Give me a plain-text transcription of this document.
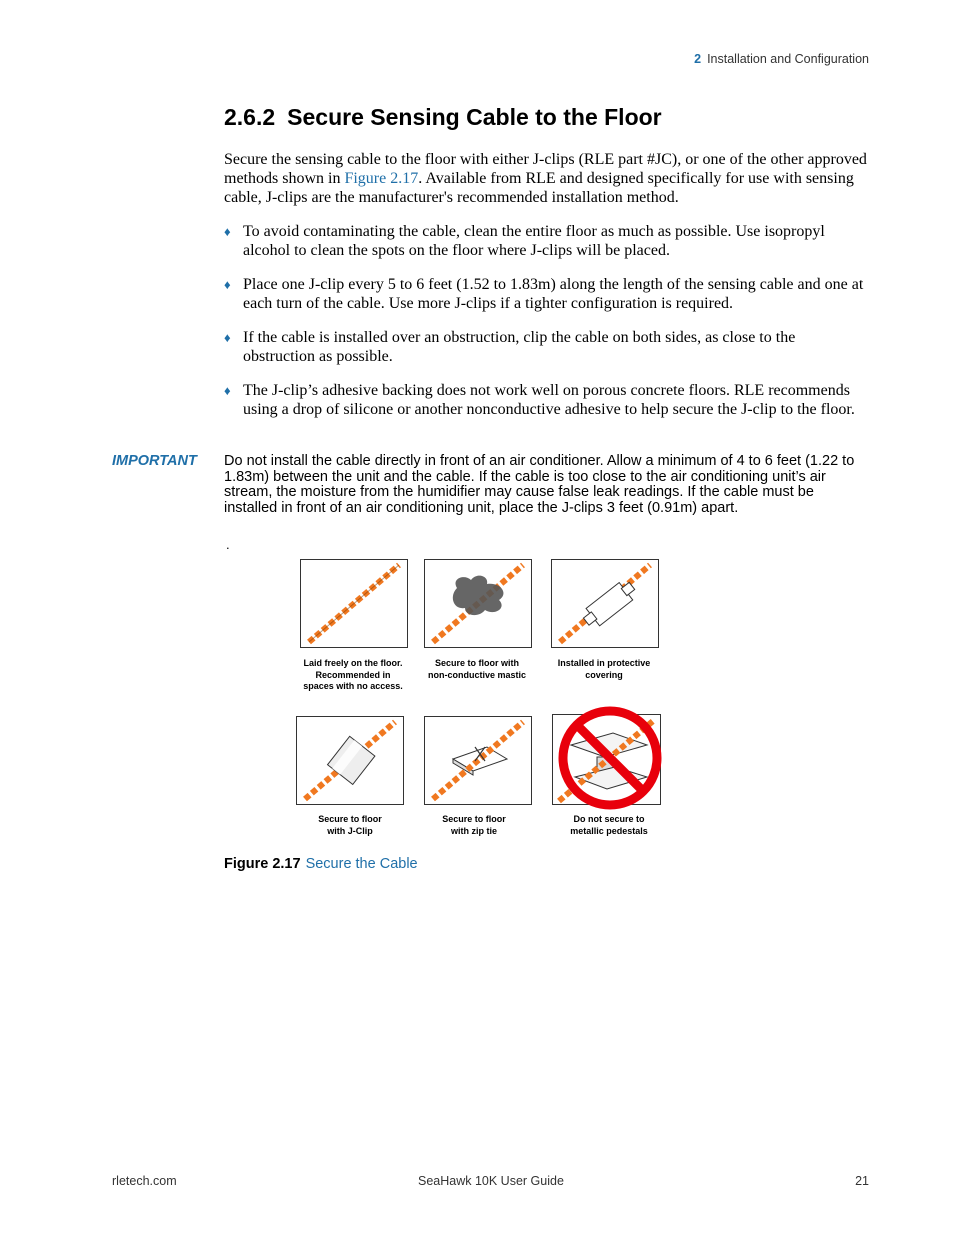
2 Installation and Configuration
2.6.2 Secure Sensing Cable to the Floor

Secure the sensing cable to the floor with either J-clips (RLE part #JC), or one of the other approved methods shown in Figure 2.17. Available from RLE and designed specifically for use with sensing cable, J-clips are the manufacturer's recommended installation method.

♦ To avoid contaminating the cable, clean the entire floor as much as possible. Use isopropyl alcohol to clean the spots on the floor where J-clips will be placed.
♦ Place one J-clip every 5 to 6 feet (1.52 to 1.83m) along the length of the sensing cable and one at each turn of the cable. Use more J-clips if a tighter configuration is required.
♦ If the cable is installed over an obstruction, clip the cable on both sides, as close to the obstruction as possible.
♦ The J-clip’s adhesive backing does not work well on porous concrete floors. RLE recommends using a drop of silicone or another nonconductive adhesive to help secure the J-clip to the floor.
IMPORTANT Do not install the cable directly in front of an air conditioner. Allow a minimum of 4 to 6 feet (1.22 to 1.83m) between the unit and the cable. If the cable is too close to the air conditioning unit’s air stream, the moisture from the humidifier may cause false leak readings. If the cable must be installed in front of an air conditioning unit, place the J-clips 3 feet (0.91m) apart.

.
Laid freely on the floor.
Recommended in
spaces with no access.
Secure to floor with
non-conductive mastic
Installed in protective
covering
Secure to floor
with J-Clip
Secure to floor
with zip tie
Do not secure to
metallic pedestals
Figure 2.17 Secure the Cable
rletech.com	SeaHawk 10K User Guide	21
